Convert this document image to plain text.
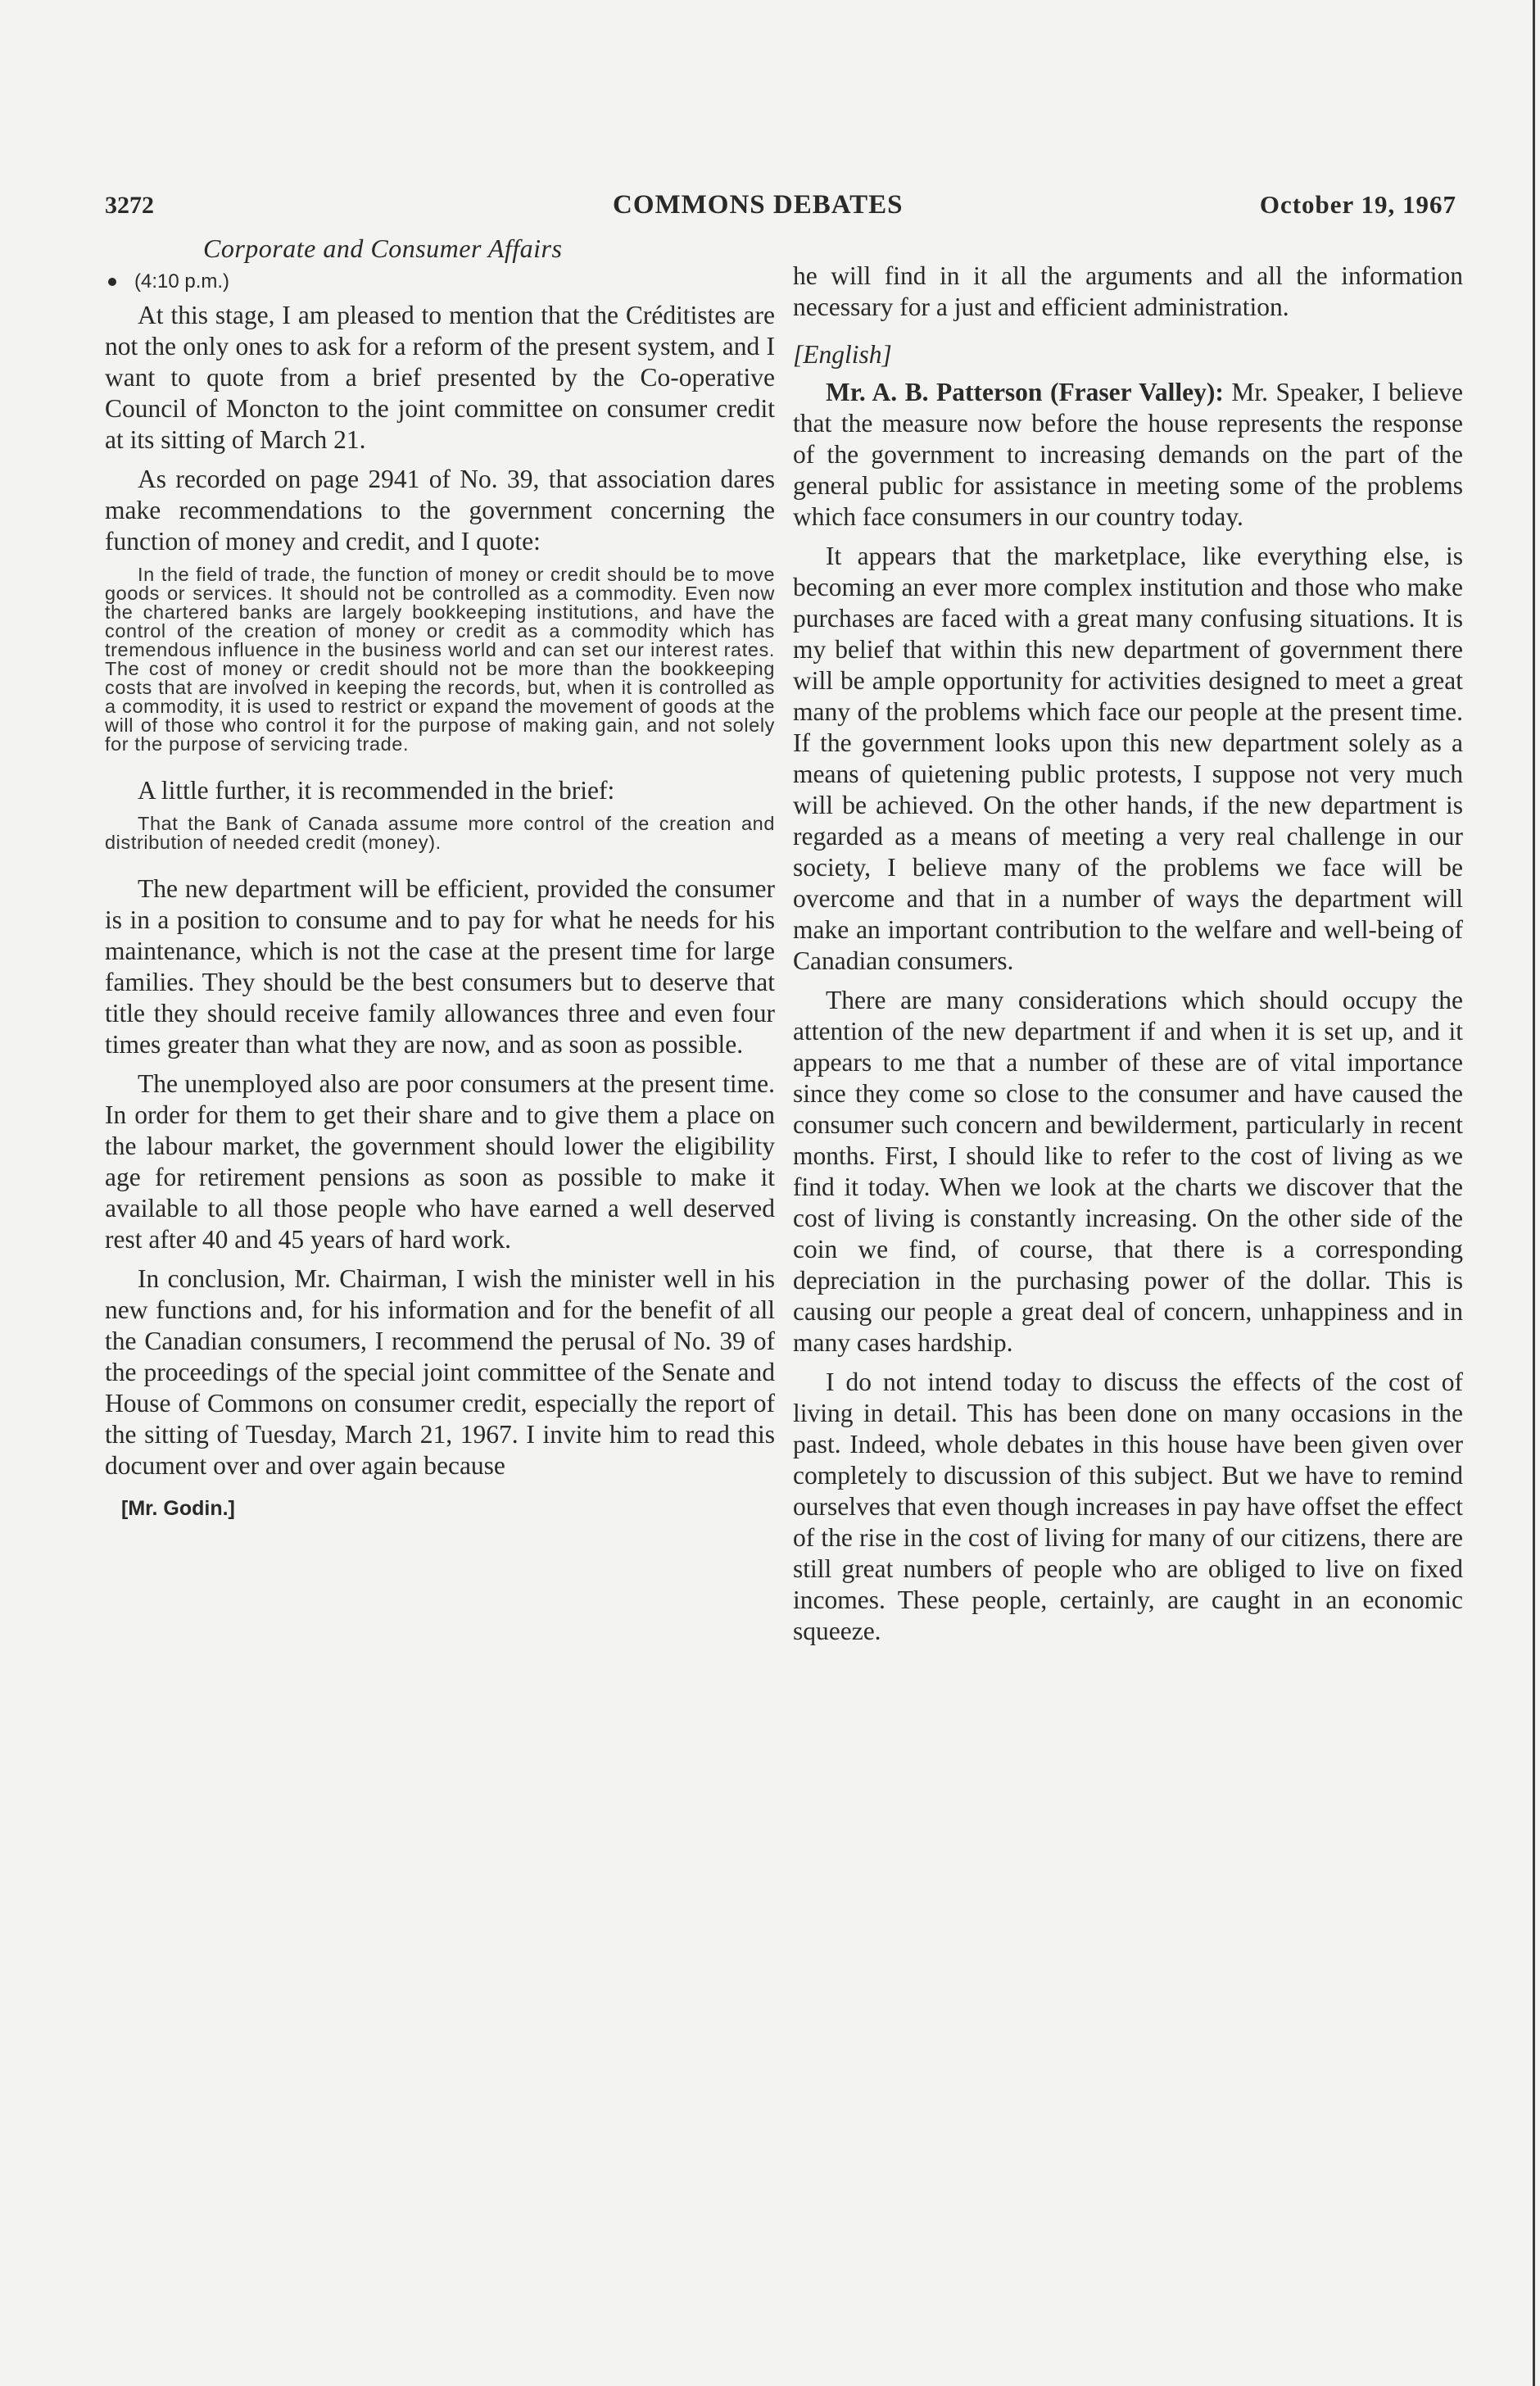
3272	COMMONS DEBATES	October 19, 1967
Corporate and Consumer Affairs
(4:10 p.m.)

At this stage, I am pleased to mention that the Créditistes are not the only ones to ask for a reform of the present system, and I want to quote from a brief presented by the Co-operative Council of Moncton to the joint committee on consumer credit at its sitting of March 21.

As recorded on page 2941 of No. 39, that association dares make recommendations to the government concerning the function of money and credit, and I quote:

In the field of trade, the function of money or credit should be to move goods or services. It should not be controlled as a commodity. Even now the chartered banks are largely bookkeeping institutions, and have the control of the creation of money or credit as a commodity which has tremendous influence in the business world and can set our interest rates. The cost of money or credit should not be more than the bookkeeping costs that are involved in keeping the records, but, when it is controlled as a commodity, it is used to restrict or expand the movement of goods at the will of those who control it for the purpose of making gain, and not solely for the purpose of servicing trade.

A little further, it is recommended in the brief:

That the Bank of Canada assume more control of the creation and distribution of needed credit (money).

The new department will be efficient, provided the consumer is in a position to consume and to pay for what he needs for his maintenance, which is not the case at the present time for large families. They should be the best consumers but to deserve that title they should receive family allowances three and even four times greater than what they are now, and as soon as possible.

The unemployed also are poor consumers at the present time. In order for them to get their share and to give them a place on the labour market, the government should lower the eligibility age for retirement pensions as soon as possible to make it available to all those people who have earned a well deserved rest after 40 and 45 years of hard work.

In conclusion, Mr. Chairman, I wish the minister well in his new functions and, for his information and for the benefit of all the Canadian consumers, I recommend the perusal of No. 39 of the proceedings of the special joint committee of the Senate and House of Commons on consumer credit, especially the report of the sitting of Tuesday, March 21, 1967. I invite him to read this document over and over again because

[Mr. Godin.]

he will find in it all the arguments and all the information necessary for a just and efficient administration.

[English]

Mr. A. B. Patterson (Fraser Valley): Mr. Speaker, I believe that the measure now before the house represents the response of the government to increasing demands on the part of the general public for assistance in meeting some of the problems which face consumers in our country today.

It appears that the marketplace, like everything else, is becoming an ever more complex institution and those who make purchases are faced with a great many confusing situations. It is my belief that within this new department of government there will be ample opportunity for activities designed to meet a great many of the problems which face our people at the present time. If the government looks upon this new department solely as a means of quietening public protests, I suppose not very much will be achieved. On the other hands, if the new department is regarded as a means of meeting a very real challenge in our society, I believe many of the problems we face will be overcome and that in a number of ways the department will make an important contribution to the welfare and well-being of Canadian consumers.

There are many considerations which should occupy the attention of the new department if and when it is set up, and it appears to me that a number of these are of vital importance since they come so close to the consumer and have caused the consumer such concern and bewilderment, particularly in recent months. First, I should like to refer to the cost of living as we find it today. When we look at the charts we discover that the cost of living is constantly increasing. On the other side of the coin we find, of course, that there is a corresponding depreciation in the purchasing power of the dollar. This is causing our people a great deal of concern, unhappiness and in many cases hardship.

I do not intend today to discuss the effects of the cost of living in detail. This has been done on many occasions in the past. Indeed, whole debates in this house have been given over completely to discussion of this subject. But we have to remind ourselves that even though increases in pay have offset the effect of the rise in the cost of living for many of our citizens, there are still great numbers of people who are obliged to live on fixed incomes. These people, certainly, are caught in an economic squeeze.
